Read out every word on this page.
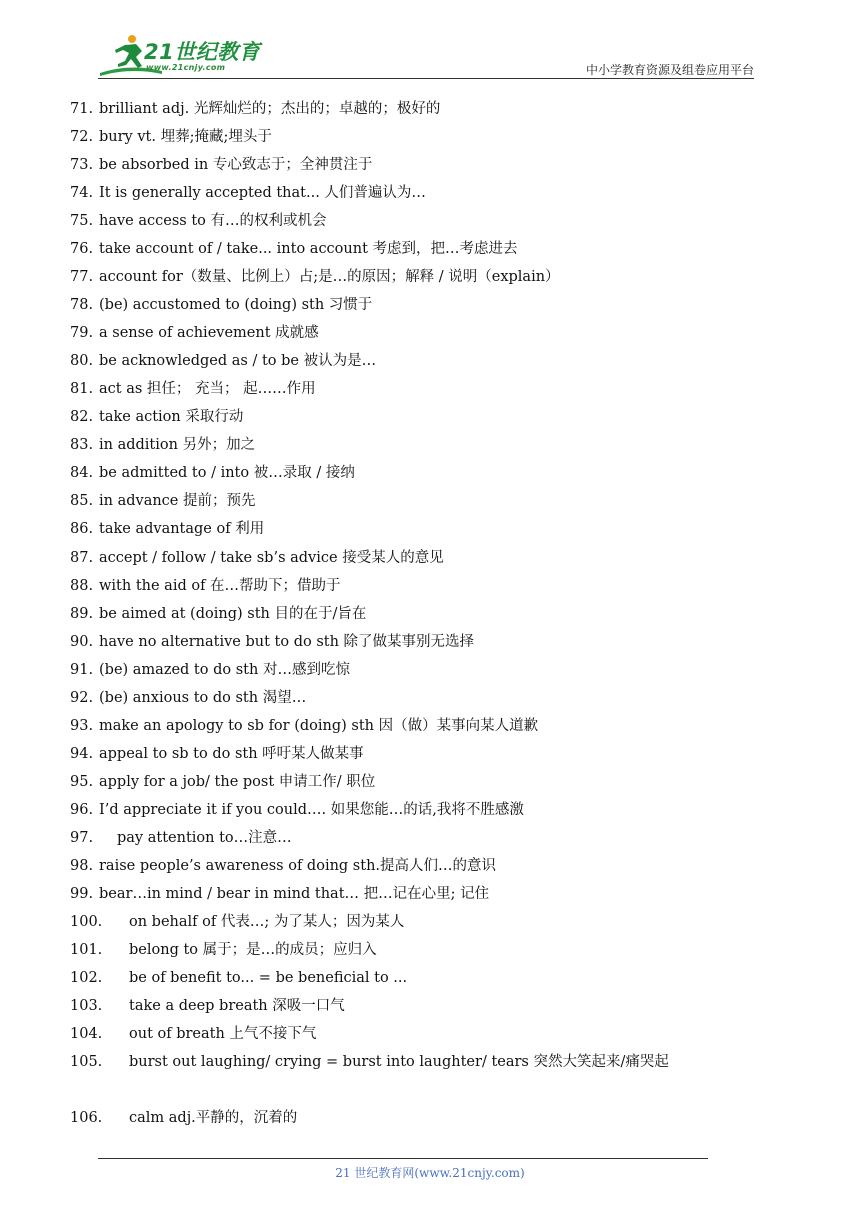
21世纪教育
www.21cnjy.com	中小学教育资源及组卷应用平台
71. brilliant adj. 光辉灿烂的；杰出的；卓越的；极好的
72. bury vt. 埋葬;掩藏;埋头于
73. be absorbed in 专心致志于；全神贯注于
74. It is generally accepted that... 人们普遍认为…
75. have access to 有…的权利或机会
76. take account of / take... into account 考虑到，把…考虑进去
77. account for（数量、比例上）占;是…的原因；解释 / 说明（explain）
78. (be) accustomed to (doing) sth 习惯于
79. a sense of achievement 成就感
80. be acknowledged as / to be 被认为是…
81. act as 担任； 充当； 起……作用
82. take action 采取行动
83. in addition 另外；加之
84. be admitted to / into 被…录取 / 接纳
85. in advance 提前；预先
86. take advantage of 利用
87. accept / follow / take sb’s advice 接受某人的意见
88. with the aid of 在…帮助下；借助于
89. be aimed at (doing) sth 目的在于/旨在
90. have no alternative but to do sth 除了做某事别无选择
91. (be) amazed to do sth 对…感到吃惊
92. (be) anxious to do sth 渴望…
93. make an apology to sb for (doing) sth 因（做）某事向某人道歉
94. appeal to sb to do sth 呼吁某人做某事
95. apply for a job/ the post 申请工作/ 职位
96. I’d appreciate it if you could…. 如果您能…的话,我将不胜感激
97. pay attention to…注意…
98. raise people’s awareness of doing sth.提高人们…的意识
99. bear…in mind / bear in mind that… 把…记在心里; 记住
100. on behalf of 代表…; 为了某人；因为某人
101. belong to 属于；是…的成员；应归入
102. be of benefit to... = be beneficial to ...
103. take a deep breath 深吸一口气
104. out of breath 上气不接下气
105. burst out laughing/ crying = burst into laughter/ tears 突然大笑起来/痛哭起
106. calm adj.平静的，沉着的
21 世纪教育网(www.21cnjy.com)
